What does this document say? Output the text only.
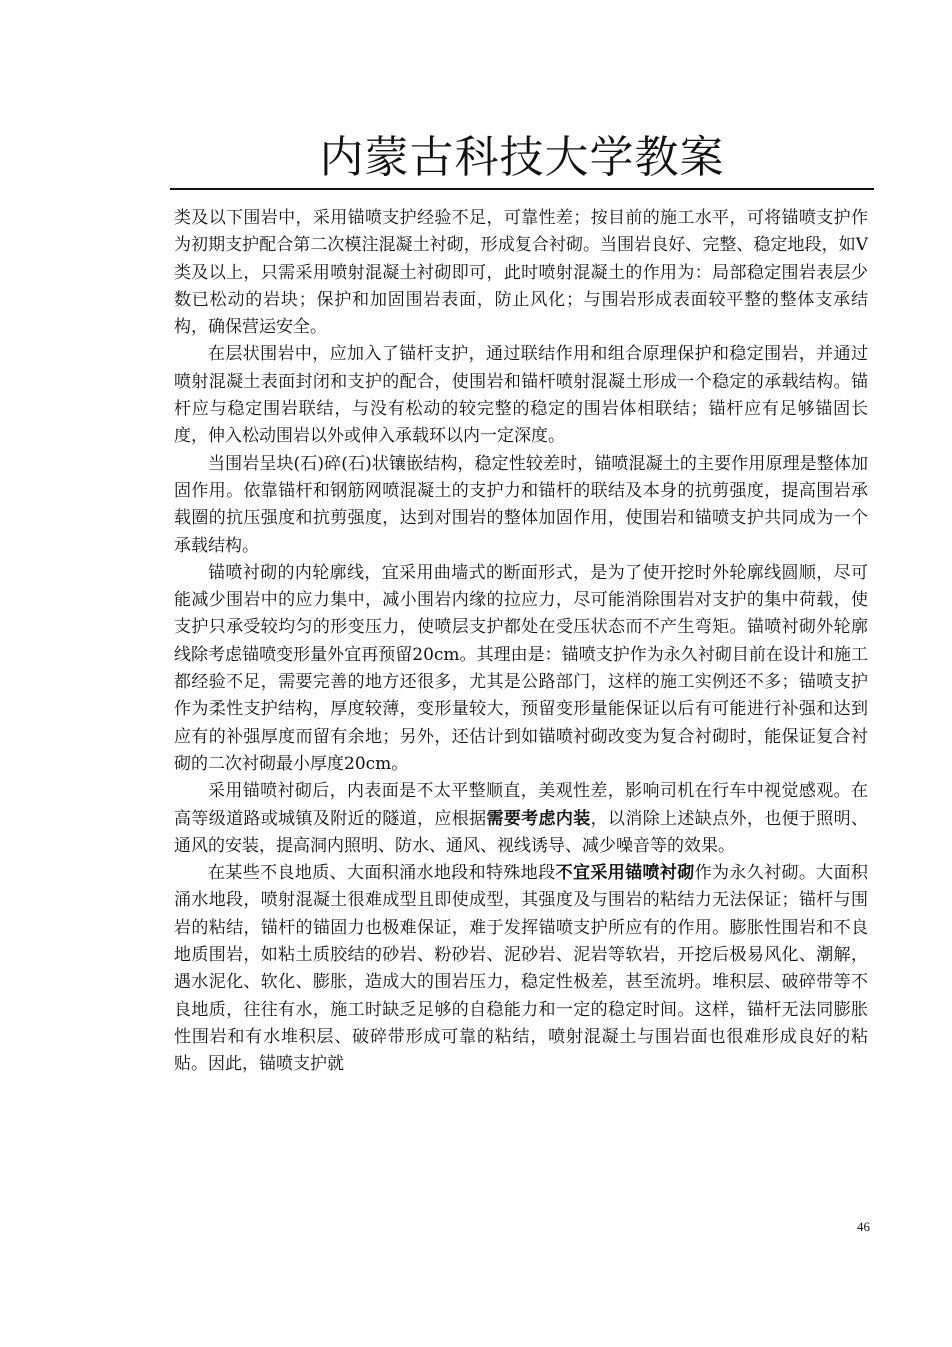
内蒙古科技大学教案

类及以下围岩中，采用锚喷支护经验不足，可靠性差；按目前的施工水平，可将锚喷支护作为初期支护配合第二次模注混凝土衬砌，形成复合衬砌。当围岩良好、完整、稳定地段，如Ⅴ类及以上，只需采用喷射混凝土衬砌即可，此时喷射混凝土的作用为：局部稳定围岩表层少数已松动的岩块；保护和加固围岩表面，防止风化；与围岩形成表面较平整的整体支承结构，确保营运安全。

在层状围岩中，应加入了锚杆支护，通过联结作用和组合原理保护和稳定围岩，并通过喷射混凝土表面封闭和支护的配合，使围岩和锚杆喷射混凝土形成一个稳定的承载结构。锚杆应与稳定围岩联结，与没有松动的较完整的稳定的围岩体相联结；锚杆应有足够锚固长度，伸入松动围岩以外或伸入承载环以内一定深度。

当围岩呈块(石)碎(石)状镶嵌结构，稳定性较差时，锚喷混凝土的主要作用原理是整体加固作用。依靠锚杆和钢筋网喷混凝土的支护力和锚杆的联结及本身的抗剪强度，提高围岩承载圈的抗压强度和抗剪强度，达到对围岩的整体加固作用，使围岩和锚喷支护共同成为一个承载结构。

锚喷衬砌的内轮廓线，宜采用曲墙式的断面形式，是为了使开挖时外轮廓线圆顺，尽可能减少围岩中的应力集中，减小围岩内缘的拉应力，尽可能消除围岩对支护的集中荷载，使支护只承受较均匀的形变压力，使喷层支护都处在受压状态而不产生弯矩。锚喷衬砌外轮廓线除考虑锚喷变形量外宜再预留20cm。其理由是：锚喷支护作为永久衬砌目前在设计和施工都经验不足，需要完善的地方还很多，尤其是公路部门，这样的施工实例还不多；锚喷支护作为柔性支护结构，厚度较薄，变形量较大，预留变形量能保证以后有可能进行补强和达到应有的补强厚度而留有余地；另外，还估计到如锚喷衬砌改变为复合衬砌时，能保证复合衬砌的二次衬砌最小厚度20cm。

采用锚喷衬砌后，内表面是不太平整顺直，美观性差，影响司机在行车中视觉感观。在高等级道路或城镇及附近的隧道，应根据需要考虑内装，以消除上述缺点外，也便于照明、通风的安装，提高洞内照明、防水、通风、视线诱导、减少噪音等的效果。

在某些不良地质、大面积涌水地段和特殊地段不宜采用锚喷衬砌作为永久衬砌。大面积涌水地段，喷射混凝土很难成型且即使成型，其强度及与围岩的粘结力无法保证；锚杆与围岩的粘结，锚杆的锚固力也极难保证，难于发挥锚喷支护所应有的作用。膨胀性围岩和不良地质围岩，如粘土质胶结的砂岩、粉砂岩、泥砂岩、泥岩等软岩，开挖后极易风化、潮解，遇水泥化、软化、膨胀，造成大的围岩压力，稳定性极差，甚至流坍。堆积层、破碎带等不良地质，往往有水，施工时缺乏足够的自稳能力和一定的稳定时间。这样，锚杆无法同膨胀性围岩和有水堆积层、破碎带形成可靠的粘结，喷射混凝土与围岩面也很难形成良好的粘贴。因此，锚喷支护就

46
